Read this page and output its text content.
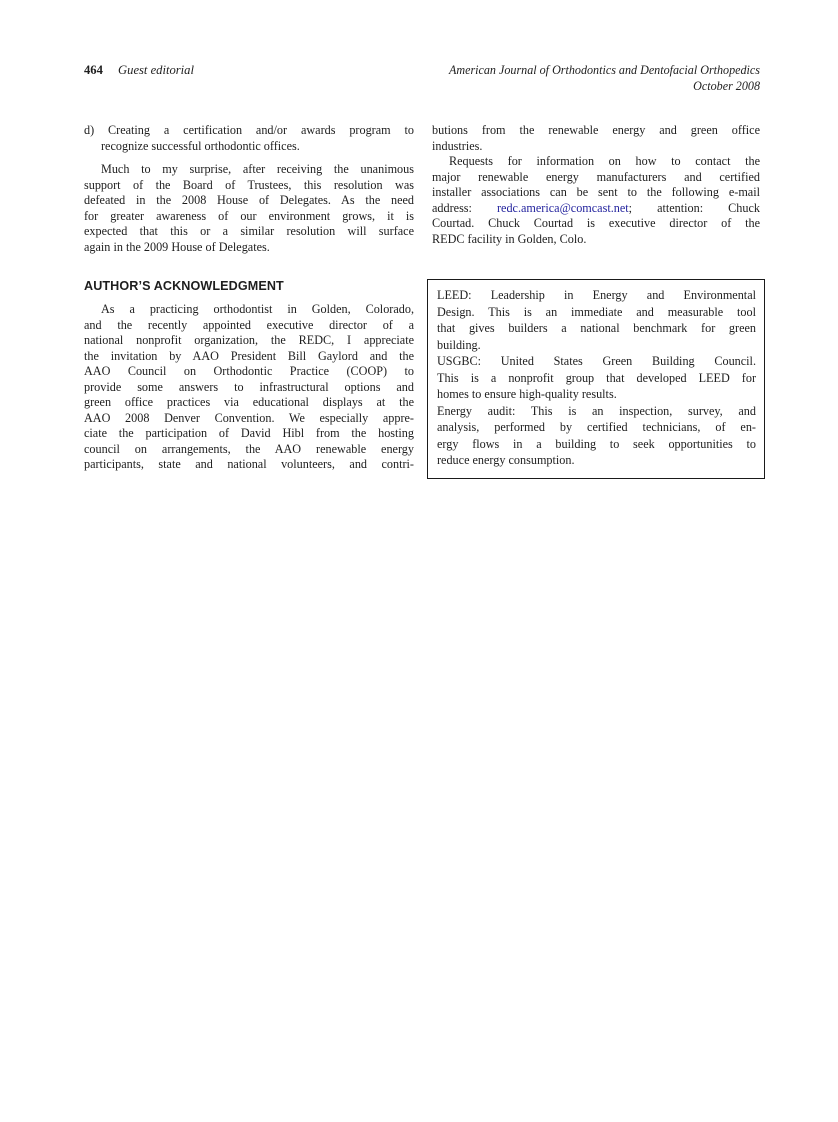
464 Guest editorial	American Journal of Orthodontics and Dentofacial Orthopedics
October 2008
d) Creating a certification and/or awards program to
recognize successful orthodontic offices.
Much to my surprise, after receiving the unanimous
support of the Board of Trustees, this resolution was
defeated in the 2008 House of Delegates. As the need
for greater awareness of our environment grows, it is
expected that this or a similar resolution will surface
again in the 2009 House of Delegates.
AUTHOR’S ACKNOWLEDGMENT
As a practicing orthodontist in Golden, Colorado,
and the recently appointed executive director of a
national nonprofit organization, the REDC, I appreciate
the invitation by AAO President Bill Gaylord and the
AAO Council on Orthodontic Practice (COOP) to
provide some answers to infrastructural options and
green office practices via educational displays at the
AAO 2008 Denver Convention. We especially appre-
ciate the participation of David Hibl from the hosting
council on arrangements, the AAO renewable energy
participants, state and national volunteers, and contri-
butions from the renewable energy and green office
industries.
Requests for information on how to contact the
major renewable energy manufacturers and certified
installer associations can be sent to the following e-mail
address: redc.america@comcast.net; attention: Chuck
Courtad. Chuck Courtad is executive director of the
REDC facility in Golden, Colo.
LEED: Leadership in Energy and Environmental
Design. This is an immediate and measurable tool
that gives builders a national benchmark for green
building.
USGBC: United States Green Building Council.
This is a nonprofit group that developed LEED for
homes to ensure high-quality results.
Energy audit: This is an inspection, survey, and
analysis, performed by certified technicians, of en-
ergy flows in a building to seek opportunities to
reduce energy consumption.
